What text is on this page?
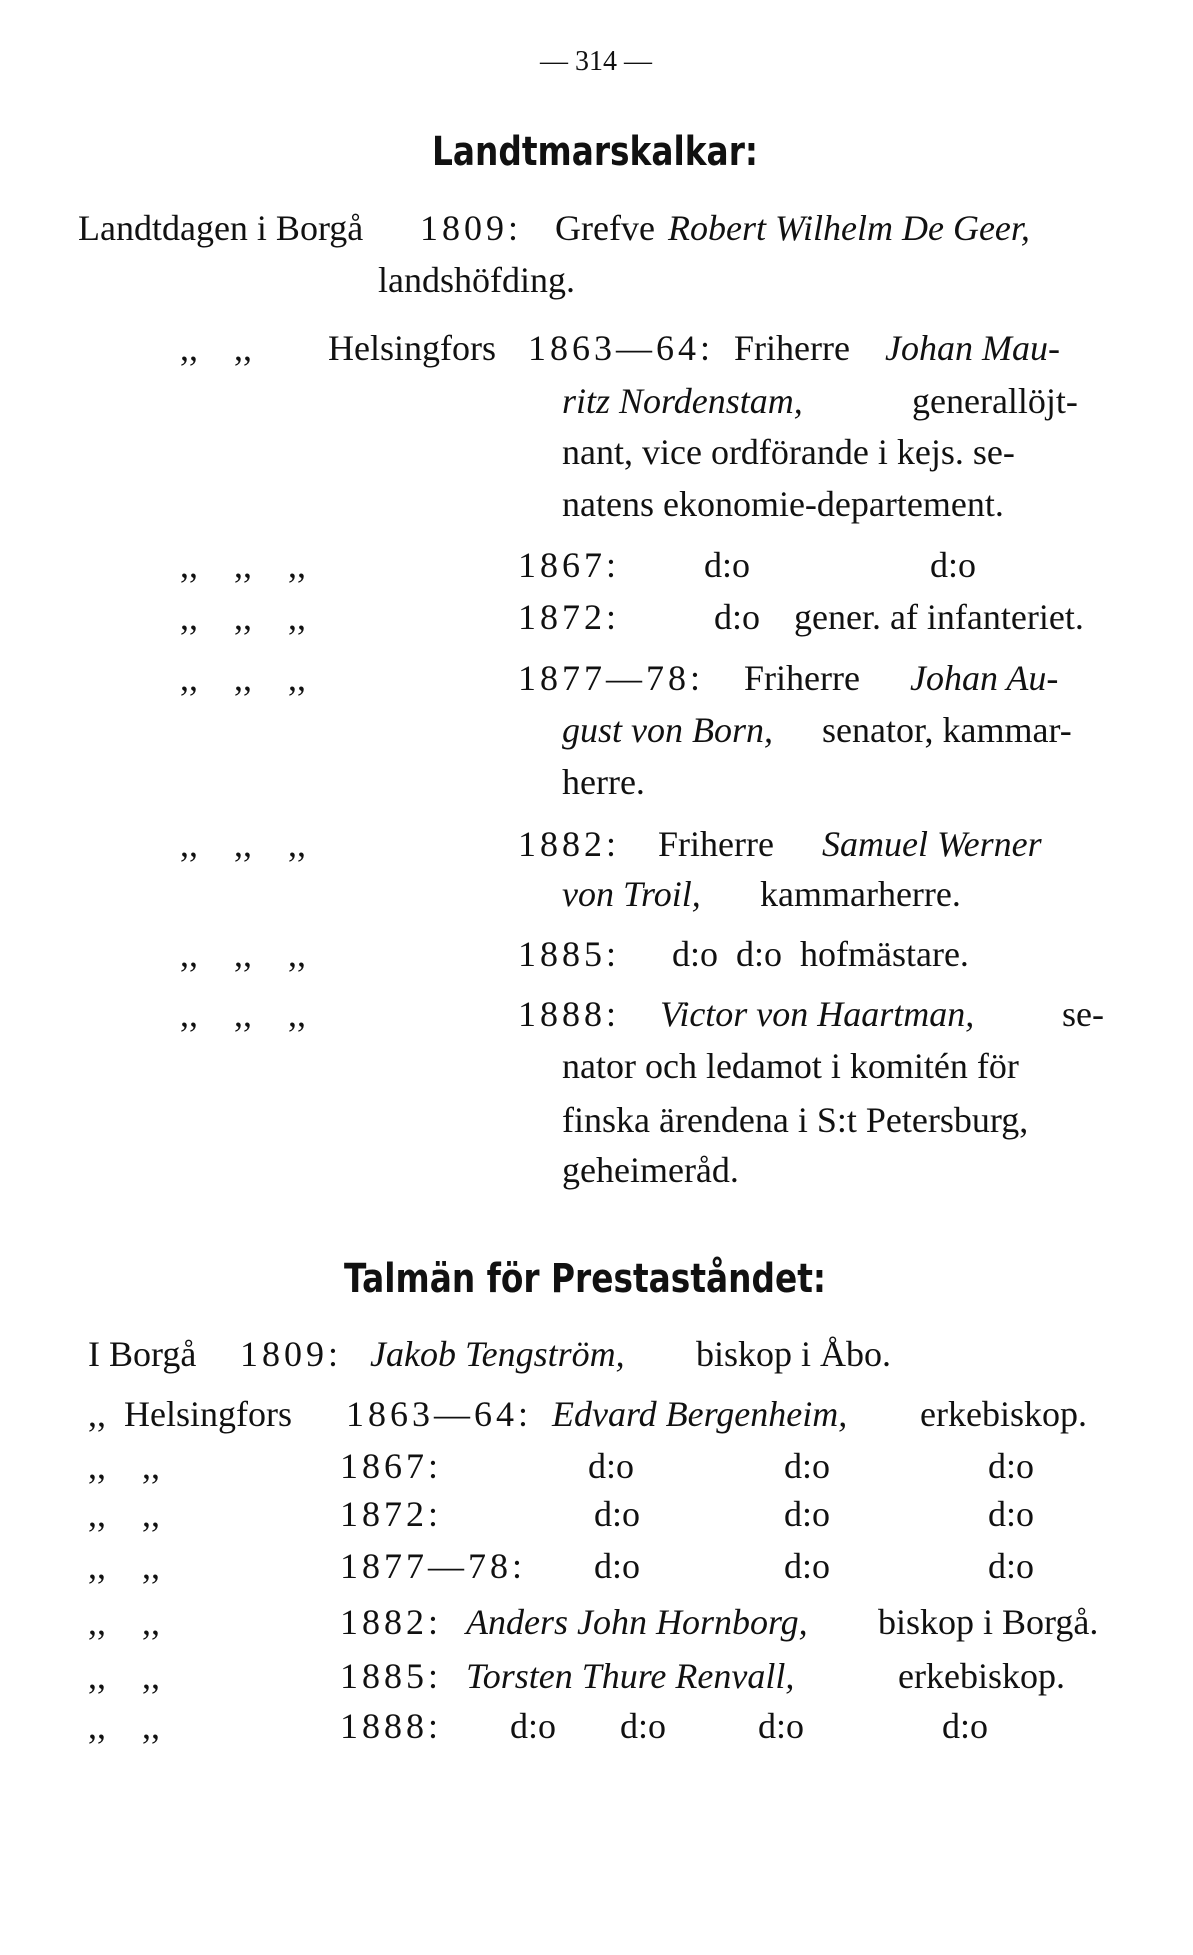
— 314 —
Landtmarskalkar:
Landtdagen i Borgå 1809: Grefve Robert Wilhelm De Geer,
landshöfding.
,,    ,, Helsingfors 1863—64: Friherre Johan Mau-
ritz Nordenstam,	generallöjt-
nant, vice ordförande i kejs. se-
natens ekonomie-departement.
,,    ,,    ,,	1867: d:o	d:o
,,    ,,    ,,	1872:	d:o gener. af infanteriet.
,,    ,,    ,,	1877—78: Friherre Johan Au-
gust von Born, senator, kammar-
herre.
,,    ,,    ,,	1882: Friherre Samuel Werner
von Troil, kammarherre.
,,    ,,    ,,	1885: d:o  d:o  hofmästare.
,,    ,,    ,,	1888: Victor von Haartman, se-
nator och ledamot i komitén för
finska ärendena i S:t Petersburg,
geheimeråd.
Talmän för Prestaståndet:
I Borgå 1809: Jakob Tengström, biskop i Åbo.
,,  Helsingfors 1863—64: Edvard Bergenheim, erkebiskop.
,,    ,,	1867:	d:o	d:o	d:o
,,    ,,	1872:	d:o	d:o	d:o
,,    ,,	1877—78: d:o	d:o	d:o
,,    ,,	1882: Anders John Hornborg, biskop i Borgå.
,,    ,,	1885: Torsten Thure Renvall,	erkebiskop.
,,    ,,	1888: d:o d:o	d:o	d:o
